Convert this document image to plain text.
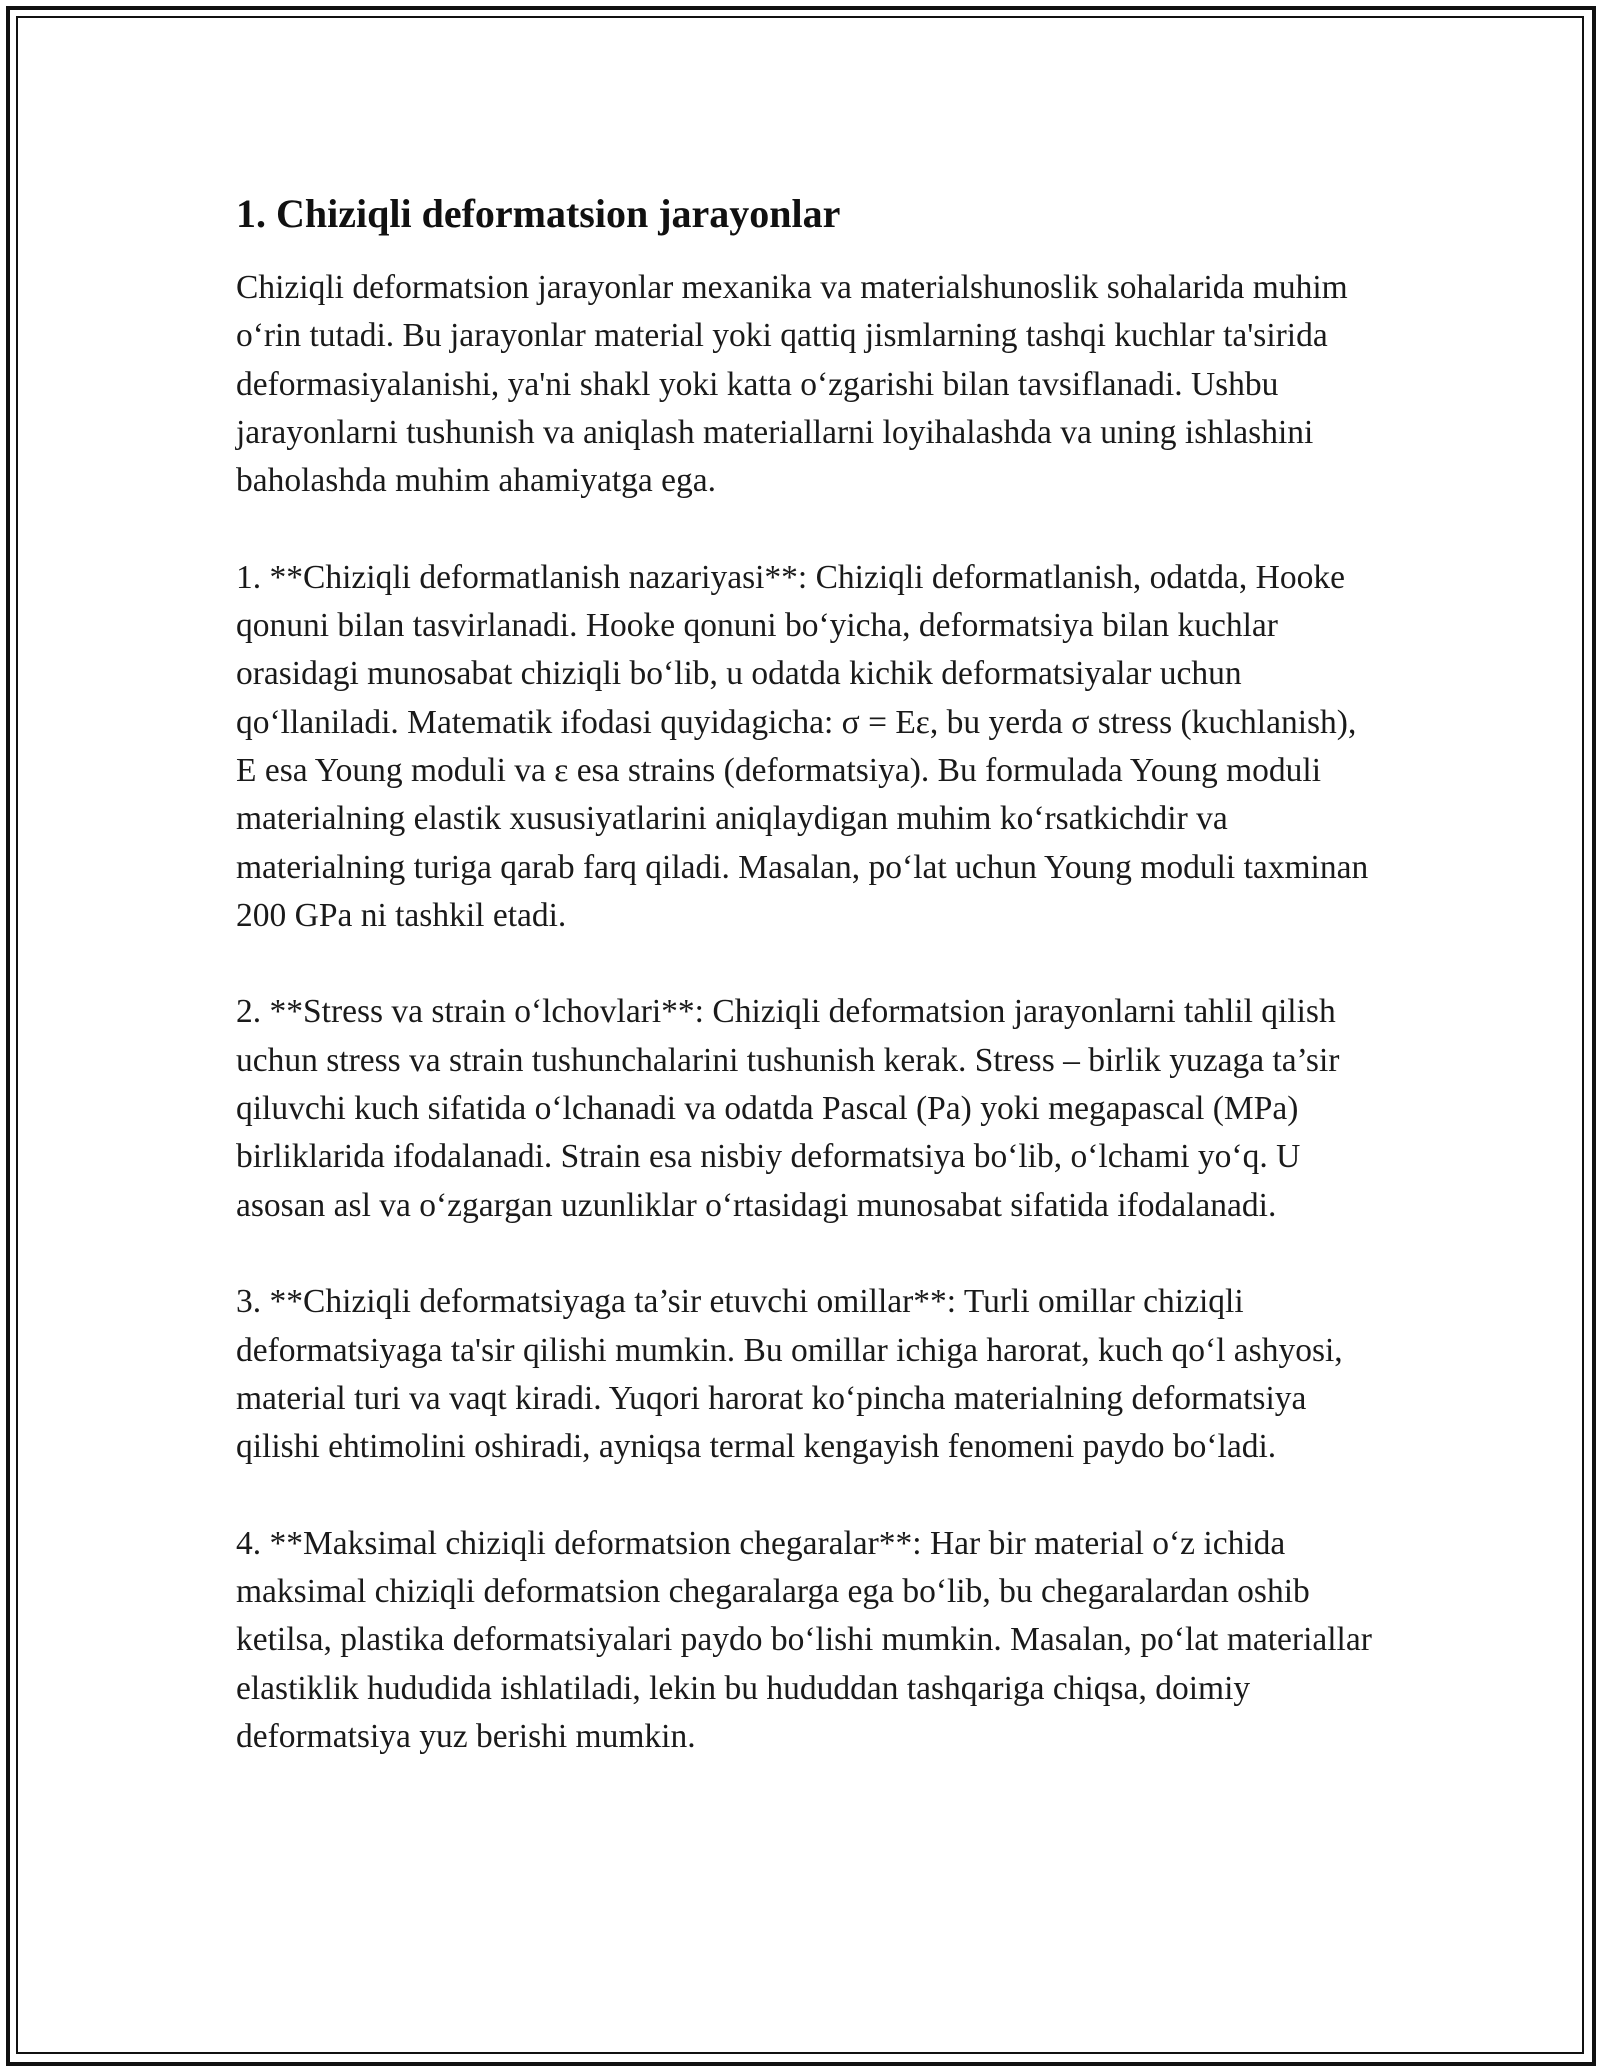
1. Chiziqli deformatsion jarayonlar

Chiziqli deformatsion jarayonlar mexanika va materialshunoslik sohalarida muhim o‘rin tutadi. Bu jarayonlar material yoki qattiq jismlarning tashqi kuchlar ta'sirida deformasiyalanishi, ya'ni shakl yoki katta o‘zgarishi bilan tavsiflanadi. Ushbu jarayonlarni tushunish va aniqlash materiallarni loyihalashda va uning ishlashini baholashda muhim ahamiyatga ega.

1. **Chiziqli deformatlanish nazariyasi**: Chiziqli deformatlanish, odatda, Hooke qonuni bilan tasvirlanadi. Hooke qonuni bo‘yicha, deformatsiya bilan kuchlar orasidagi munosabat chiziqli bo‘lib, u odatda kichik deformatsiyalar uchun qo‘llaniladi. Matematik ifodasi quyidagicha: σ = Eε, bu yerda σ stress (kuchlanish), E esa Young moduli va ε esa strains (deformatsiya). Bu formulada Young moduli materialning elastik xususiyatlarini aniqlaydigan muhim ko‘rsatkichdir va materialning turiga qarab farq qiladi. Masalan, po‘lat uchun Young moduli taxminan 200 GPa ni tashkil etadi.

2. **Stress va strain o‘lchovlari**: Chiziqli deformatsion jarayonlarni tahlil qilish uchun stress va strain tushunchalarini tushunish kerak. Stress – birlik yuzaga ta’sir qiluvchi kuch sifatida o‘lchanadi va odatda Pascal (Pa) yoki megapascal (MPa) birliklarida ifodalanadi. Strain esa nisbiy deformatsiya bo‘lib, o‘lchami yo‘q. U asosan asl va o‘zgargan uzunliklar o‘rtasidagi munosabat sifatida ifodalanadi.

3. **Chiziqli deformatsiyaga ta’sir etuvchi omillar**: Turli omillar chiziqli deformatsiyaga ta'sir qilishi mumkin. Bu omillar ichiga harorat, kuch qo‘l ashyosi, material turi va vaqt kiradi. Yuqori harorat ko‘pincha materialning deformatsiya qilishi ehtimolini oshiradi, ayniqsa termal kengayish fenomeni paydo bo‘ladi.

4. **Maksimal chiziqli deformatsion chegaralar**: Har bir material o‘z ichida maksimal chiziqli deformatsion chegaralarga ega bo‘lib, bu chegaralardan oshib ketilsa, plastika deformatsiyalari paydo bo‘lishi mumkin. Masalan, po‘lat materiallar elastiklik hududida ishlatiladi, lekin bu hududdan tashqariga chiqsa, doimiy deformatsiya yuz berishi mumkin.
